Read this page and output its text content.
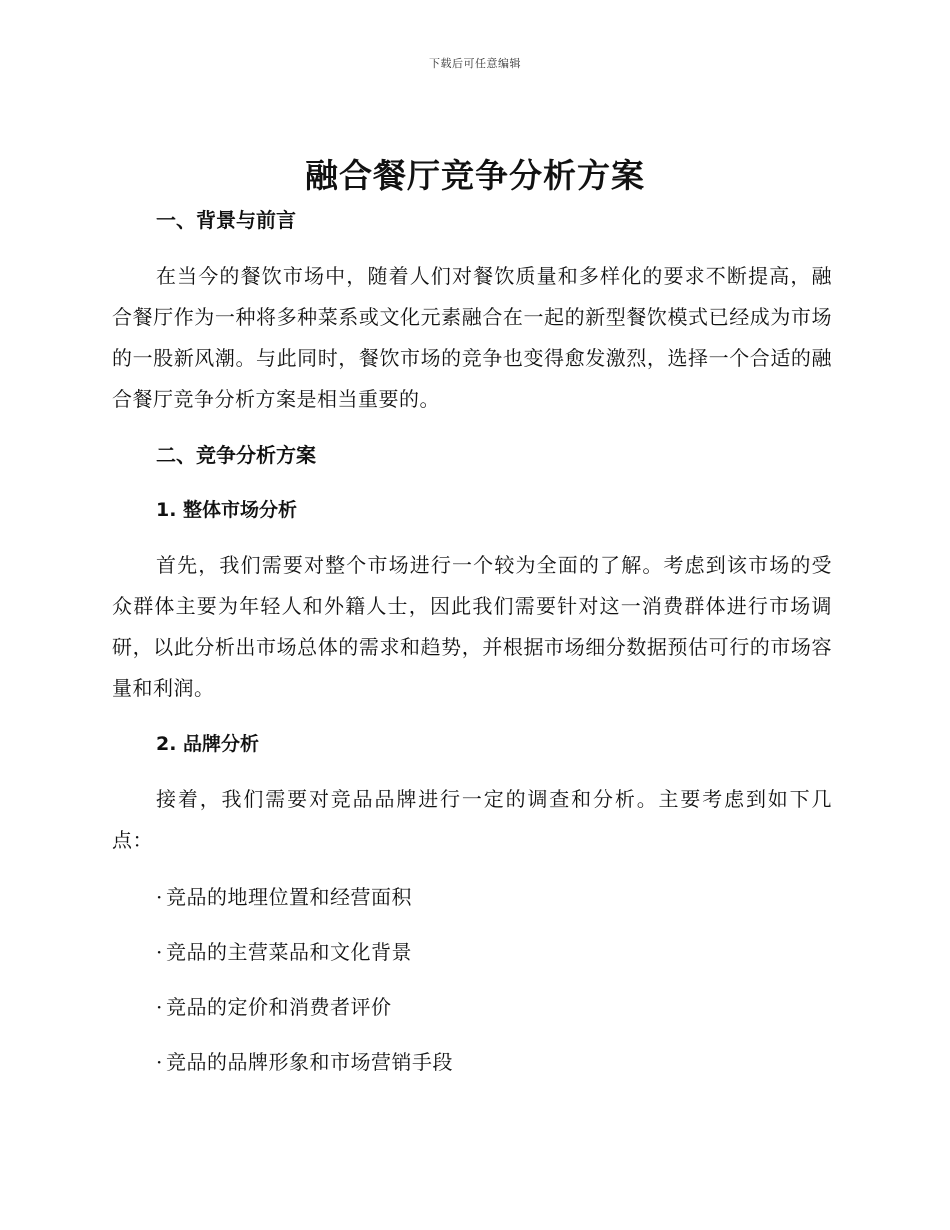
下载后可任意编辑
融合餐厅竞争分析方案
一、背景与前言

在当今的餐饮市场中，随着人们对餐饮质量和多样化的要求不断提高，融合餐厅作为一种将多种菜系或文化元素融合在一起的新型餐饮模式已经成为市场的一股新风潮。与此同时，餐饮市场的竞争也变得愈发激烈，选择一个合适的融合餐厅竞争分析方案是相当重要的。

二、竞争分析方案
1. 整体市场分析

首先，我们需要对整个市场进行一个较为全面的了解。考虑到该市场的受众群体主要为年轻人和外籍人士，因此我们需要针对这一消费群体进行市场调研，以此分析出市场总体的需求和趋势，并根据市场细分数据预估可行的市场容量和利润。

2. 品牌分析

接着，我们需要对竞品品牌进行一定的调查和分析。主要考虑到如下几点：

· 竞品的地理位置和经营面积

· 竞品的主营菜品和文化背景

· 竞品的定价和消费者评价

· 竞品的品牌形象和市场营销手段
